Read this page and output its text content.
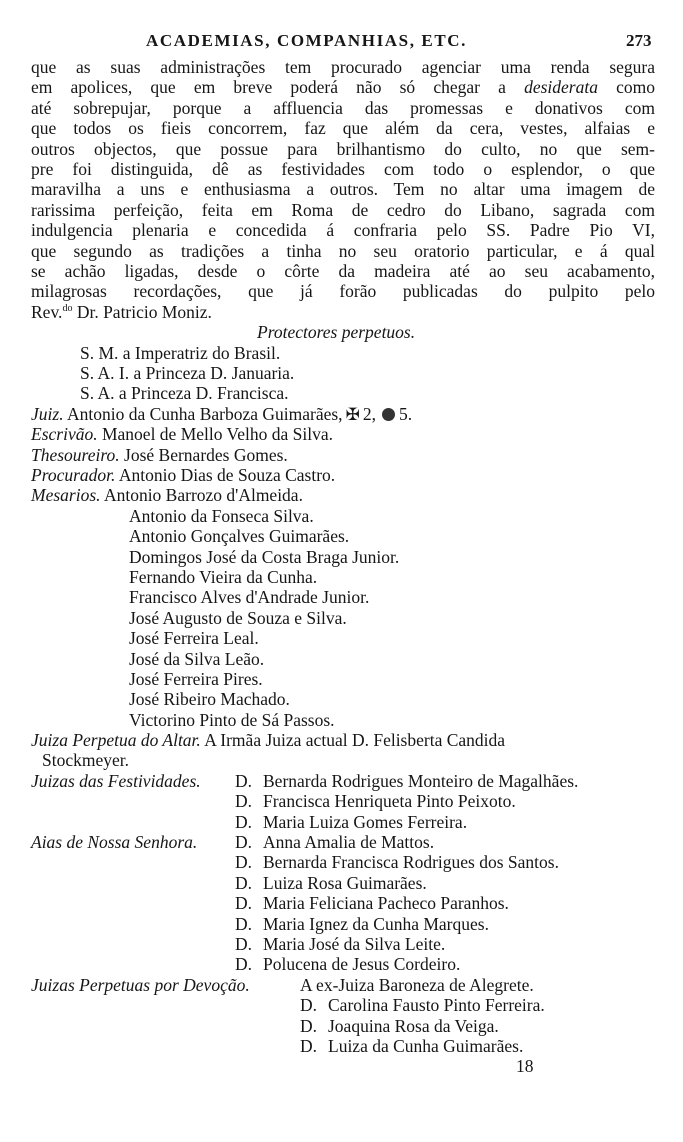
ACADEMIAS, COMPANHIAS, ETC.	273
que as suas administrações tem procurado agenciar uma renda segura
em apolices, que em breve poderá não só chegar a desiderata como
até sobrepujar, porque a affluencia das promessas e donativos com
que todos os fieis concorrem, faz que além da cera, vestes, alfaias e
outros objectos, que possue para brilhantismo do culto, no que sem-
pre foi distinguida, dê as festividades com todo o esplendor, o que
maravilha a uns e enthusiasma a outros. Tem no altar uma imagem de
rarissima perfeição, feita em Roma de cedro do Libano, sagrada com
indulgencia plenaria e concedida á confraria pelo SS. Padre Pio VI,
que segundo as tradições a tinha no seu oratorio particular, e á qual
se achão ligadas, desde o côrte da madeira até ao seu acabamento,
milagrosas recordações, que já forão publicadas do pulpito pelo
Rev.$^{do}$ Dr. Patricio Moniz.
Protectores perpetuos.
S. M. a Imperatriz do Brasil.
S. A. I. a Princeza D. Januaria.
S. A. a Princeza D. Francisca.
Juiz. Antonio da Cunha Barboza Guimarães, ✠ 2, 5.
Escrivão. Manoel de Mello Velho da Silva.
Thesoureiro. José Bernardes Gomes.
Procurador. Antonio Dias de Souza Castro.
Mesarios. Antonio Barrozo d'Almeida.
Antonio da Fonseca Silva.
Antonio Gonçalves Guimarães.
Domingos José da Costa Braga Junior.
Fernando Vieira da Cunha.
Francisco Alves d'Andrade Junior.
José Augusto de Souza e Silva.
José Ferreira Leal.
José da Silva Leão.
José Ferreira Pires.
José Ribeiro Machado.
Victorino Pinto de Sá Passos.
Juiza Perpetua do Altar. A Irmãa Juiza actual D. Felisberta Candida
Stockmeyer.
Juizas das Festividades.	D. Bernarda Rodrigues Monteiro de Magalhães.
D. Francisca Henriqueta Pinto Peixoto.
D. Maria Luiza Gomes Ferreira.
Aias de Nossa Senhora.	D. Anna Amalia de Mattos.
D. Bernarda Francisca Rodrigues dos Santos.
D. Luiza Rosa Guimarães.
D. Maria Feliciana Pacheco Paranhos.
D. Maria Ignez da Cunha Marques.
D. Maria José da Silva Leite.
D. Polucena de Jesus Cordeiro.
Juizas Perpetuas por Devoção.	A ex-Juiza Baroneza de Alegrete.
D. Carolina Fausto Pinto Ferreira.
D. Joaquina Rosa da Veiga.
D. Luiza da Cunha Guimarães.
18
